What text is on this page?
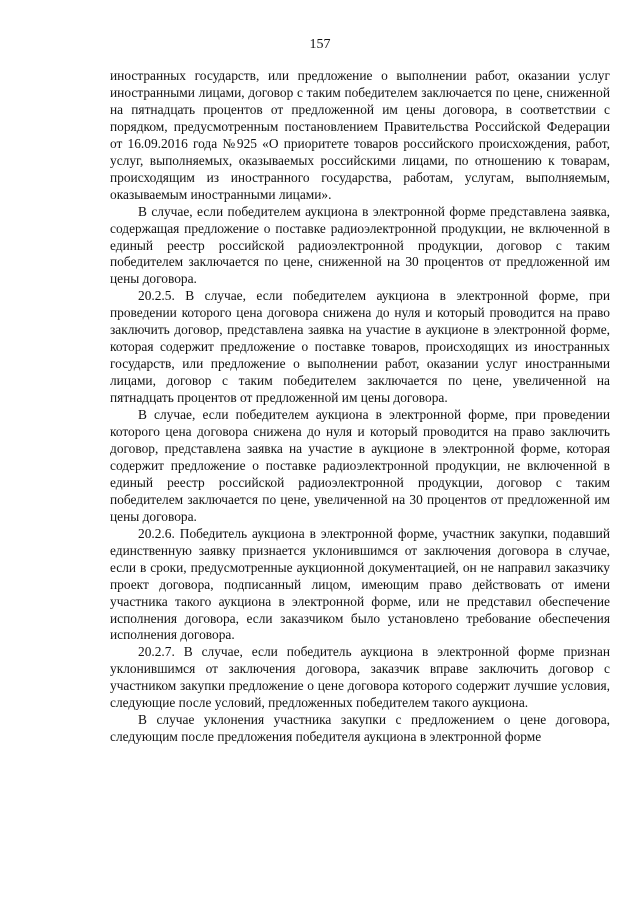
157

иностранных государств, или предложение о выполнении работ, оказании услуг иностранными лицами, договор с таким победителем заключается по цене, сниженной на пятнадцать процентов от предложенной им цены договора, в соответствии с порядком, предусмотренным постановлением Правительства Российской Федерации от 16.09.2016 года №925 «О приоритете товаров российского происхождения, работ, услуг, выполняемых, оказываемых российскими лицами, по отношению к товарам, происходящим из иностранного государства, работам, услугам, выполняемым, оказываемым иностранными лицами».

В случае, если победителем аукциона в электронной форме представлена заявка, содержащая предложение о поставке радиоэлектронной продукции, не включенной в единый реестр российской радиоэлектронной продукции, договор с таким победителем заключается по цене, сниженной на 30 процентов от предложенной им цены договора.

20.2.5. В случае, если победителем аукциона в электронной форме, при проведении которого цена договора снижена до нуля и который проводится на право заключить договор, представлена заявка на участие в аукционе в электронной форме, которая содержит предложение о поставке товаров, происходящих из иностранных государств, или предложение о выполнении работ, оказании услуг иностранными лицами, договор с таким победителем заключается по цене, увеличенной на пятнадцать процентов от предложенной им цены договора.

В случае, если победителем аукциона в электронной форме, при проведении которого цена договора снижена до нуля и который проводится на право заключить договор, представлена заявка на участие в аукционе в электронной форме, которая содержит предложение о поставке радиоэлектронной продукции, не включенной в единый реестр российской радиоэлектронной продукции, договор с таким победителем заключается по цене, увеличенной на 30 процентов от предложенной им цены договора.

20.2.6. Победитель аукциона в электронной форме, участник закупки, подавший единственную заявку признается уклонившимся от заключения договора в случае, если в сроки, предусмотренные аукционной документацией, он не направил заказчику проект договора, подписанный лицом, имеющим право действовать от имени участника такого аукциона в электронной форме, или не представил обеспечение исполнения договора, если заказчиком было установлено требование обеспечения исполнения договора.

20.2.7. В случае, если победитель аукциона в электронной форме признан уклонившимся от заключения договора, заказчик вправе заключить договор с участником закупки предложение о цене договора которого содержит лучшие условия, следующие после условий, предложенных победителем такого аукциона.

В случае уклонения участника закупки с предложением о цене договора, следующим после предложения победителя аукциона в электронной форме
